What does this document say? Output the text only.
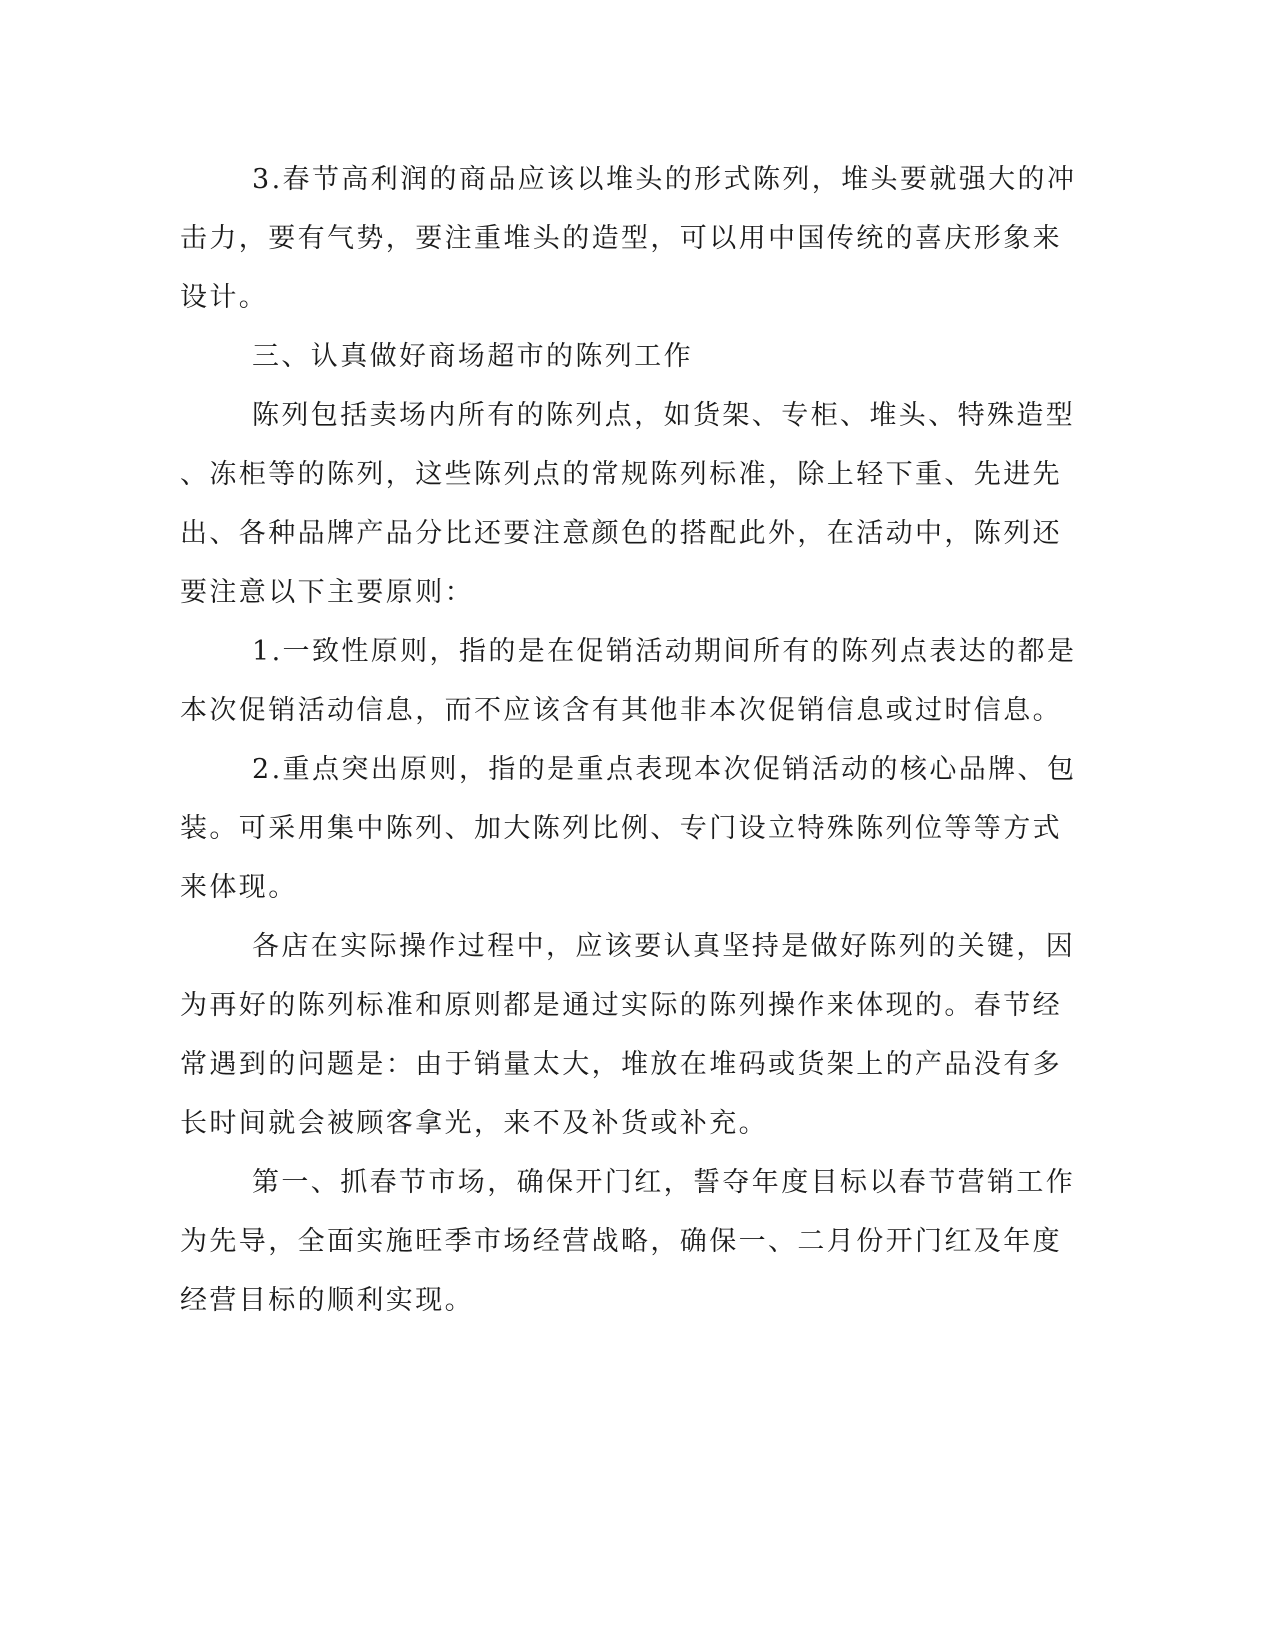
3.春节高利润的商品应该以堆头的形式陈列，堆头要就强大的冲
击力，要有气势，要注重堆头的造型，可以用中国传统的喜庆形象来
设计。
三、认真做好商场超市的陈列工作
陈列包括卖场内所有的陈列点，如货架、专柜、堆头、特殊造型
、冻柜等的陈列，这些陈列点的常规陈列标准，除上轻下重、先进先
出、各种品牌产品分比还要注意颜色的搭配此外，在活动中，陈列还
要注意以下主要原则：
1.一致性原则，指的是在促销活动期间所有的陈列点表达的都是
本次促销活动信息，而不应该含有其他非本次促销信息或过时信息。
2.重点突出原则，指的是重点表现本次促销活动的核心品牌、包
装。可采用集中陈列、加大陈列比例、专门设立特殊陈列位等等方式
来体现。
各店在实际操作过程中，应该要认真坚持是做好陈列的关键，因
为再好的陈列标准和原则都是通过实际的陈列操作来体现的。春节经
常遇到的问题是：由于销量太大，堆放在堆码或货架上的产品没有多
长时间就会被顾客拿光，来不及补货或补充。
第一、抓春节市场，确保开门红，誓夺年度目标以春节营销工作
为先导，全面实施旺季市场经营战略，确保一、二月份开门红及年度
经营目标的顺利实现。
